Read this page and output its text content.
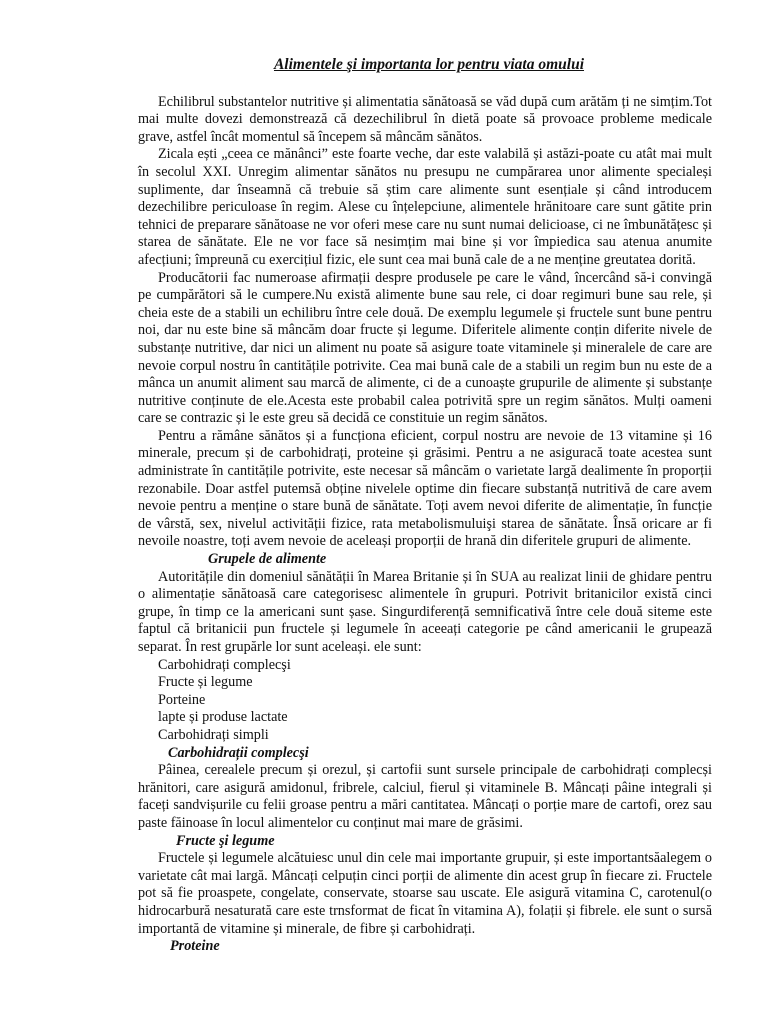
Alimentele şi importanta lor pentru viata omului

Echilibrul substantelor nutritive și alimentatia sănătoasă se văd după cum arătăm ți ne simțim.Tot mai multe dovezi demonstrează că dezechilibrul în dietă poate să provoace probleme medicale grave, astfel încât momentul să începem să mâncăm sănătos.

Zicala ești „ceea ce mănânci” este foarte veche, dar este valabilă și astăzi-poate cu atât mai mult în secolul XXI. Unregim alimentar sănătos nu presupu ne cumpărarea unor alimente specialeși suplimente, dar înseamnă că trebuie să știm care alimente sunt esențiale și când introducem dezechilibre periculoase în regim. Alese cu înțelepciune, alimentele hrănitoare care sunt gătite prin tehnici de preparare sănătoase ne vor oferi mese care nu sunt numai delicioase, ci ne îmbunătățesc și starea de sănătate. Ele ne vor face să nesimțim mai bine și vor împiedica sau atenua anumite afecțiuni; împreună cu exercițiul fizic, ele sunt cea mai bună cale de a ne menține greutatea dorită.

Producătorii fac numeroase afirmații despre produsele pe care le vând, încercând să-i convingă pe cumpărători să le cumpere.Nu există alimente bune sau rele, ci doar regimuri bune sau rele, și cheia este de a stabili un echilibru între cele două. De exemplu legumele și fructele sunt bune pentru noi, dar nu este bine să mâncăm doar fructe și legume. Diferitele alimente conțin diferite nivele de substanțe nutritive, dar nici un aliment nu poate să asigure toate vitaminele și mineralele de care are nevoie corpul nostru în cantitățile potrivite. Cea mai bună cale de a stabili un regim bun nu este de a mânca un anumit aliment sau marcă de alimente, ci de a cunoaște grupurile de alimente și substanțe nutritive conținute de ele.Acesta este probabil calea potrivită spre un regim sănătos. Mulți oameni care se contrazic și le este greu să decidă ce constituie un regim sănătos.

Pentru a rămâne sănătos și a funcționa eficient, corpul nostru are nevoie de 13 vitamine și 16 minerale, precum și de carbohidrați, proteine și grăsimi. Pentru a ne asiguracă toate acestea sunt administrate în cantitățile potrivite, este necesar să mâncăm o varietate largă dealimente în proporții rezonabile. Doar astfel putemsă obține nivelele optime din fiecare substanță nutritivă de care avem nevoie pentru a menține o stare bună de sănătate. Toți avem nevoi diferite de alimentație, în funcție de vârstă, sex, nivelul activității fizice, rata metabolismuluişi starea de sănătate. Însă oricare ar fi nevoile noastre, toți avem nevoie de aceleași proporții de hrană din diferitele grupuri de alimente.

Grupele de alimente

Autoritățile din domeniul sănătății în Marea Britanie și în SUA au realizat linii de ghidare pentru o alimentație sănătoasă care categorisesc alimentele în grupuri. Potrivit britanicilor există cinci grupe, în timp ce la americani sunt șase. Singurdiferență semnificativă între cele două siteme este faptul că britanicii pun fructele și legumele în aceeați categorie pe când americanii le grupează separat. În rest grupărle lor sunt aceleași. ele sunt:

Carbohidrați complecşi
Fructe și legume
Porteine
lapte și produse lactate
Carbohidrați simpli
Carbohidrații complecşi

Pâinea, cerealele precum și orezul, și cartofii sunt sursele principale de carbohidrați complecși hrănitori, care asigură amidonul, fribrele, calciul, fierul și vitaminele B. Mâncați pâine integrali și faceți sandvișurile cu felii groase pentru a mări cantitatea. Mâncați o porție mare de cartofi, orez sau paste făinoase în locul alimentelor cu conținut mai mare de grăsimi.

Fructe şi legume

Fructele și legumele alcătuiesc unul din cele mai importante grupuir, și este importantsăalegem o varietate cât mai largă. Mâncați celpuțin cinci porții de alimente din acest grup în fiecare zi. Fructele pot să fie proaspete, congelate, conservate, stoarse sau uscate. Ele asigură vitamina C, carotenul(o hidrocarbură nesaturată care este trnsformat de ficat în vitamina A), folații și fibrele. ele sunt o sursă importantă de vitamine și minerale, de fibre și carbohidrați.

Proteine
